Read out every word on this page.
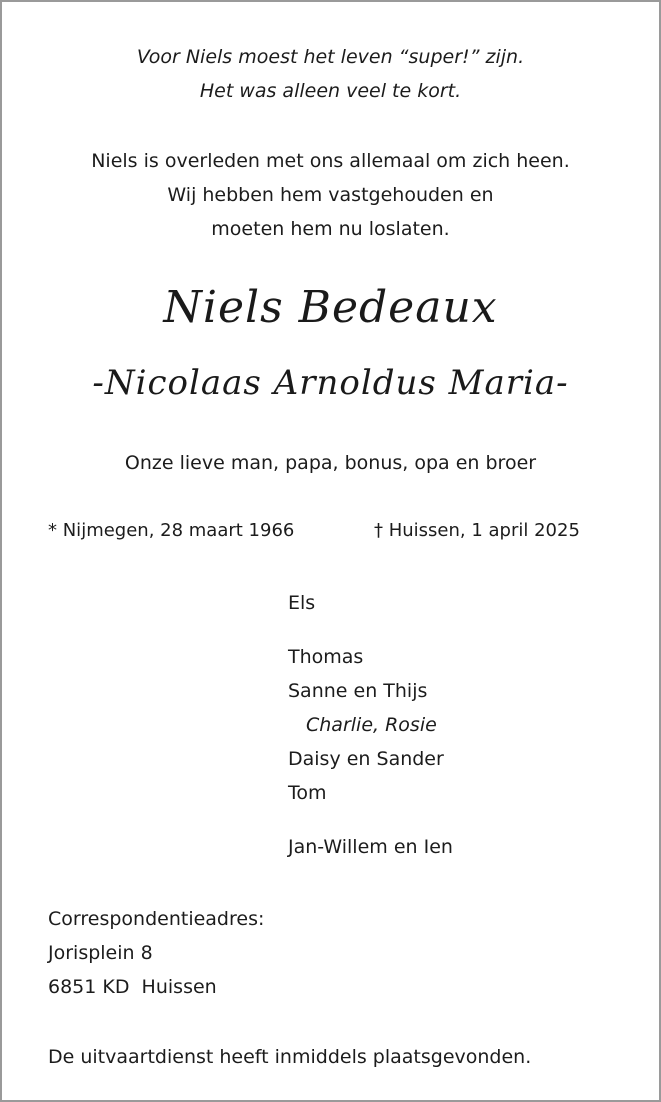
Voor Niels moest het leven “super!” zijn.
Het was alleen veel te kort.
Niels is overleden met ons allemaal om zich heen.
Wij hebben hem vastgehouden en
moeten hem nu loslaten.
Niels Bedeaux
-Nicolaas Arnoldus Maria-
Onze lieve man, papa, bonus, opa en broer
* Nijmegen, 28 maart 1966	† Huissen, 1 april 2025
Els
Thomas
Sanne en Thijs
Charlie, Rosie
Daisy en Sander
Tom
Jan-Willem en Ien
Correspondentieadres:
Jorisplein 8
6851 KD  Huissen
De uitvaartdienst heeft inmiddels plaatsgevonden.
